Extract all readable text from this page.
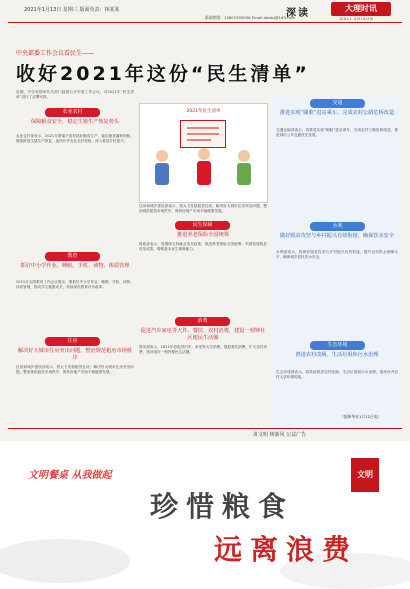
2021年1月13日 星期三 版面负责：林某某	深读	大理时讯
DALI SHIXUN
新闻热线：13807293056 Email:dlzxbj@163.com
中央部委工作会议看民生——
收好2021年这份“民生清单”
近期，中央和国家有关部门陆续召开年度工作会议，对2021年“民生清单”进行了部署安排。
农业农村
保障粮食安全，稳定生猪生产恢复势头
农业农村部表示，2021年要毫不放松抓好粮食生产，稳定粮食播种面积，继续推进生猪生产恢复，加快补齐农业农村短板，深入推进乡村振兴。
教育
抓好中小学作业、睡眠、手机、读物、体质管理
2021年全国教育工作会议提出，要抓好中小学作业、睡眠、手机、读物、体质管理，推动学生健康成长，持续深化教育评价改革。
住房
解决好大城市住房突出问题，整治规范租房市场秩序
住房和城乡建设部表示，将大力发展租赁住房，解决好大城市住房突出问题，整治规范租赁市场秩序，保持房地产市场平稳健康发展。
2021年民生清单
住房和城乡建设部表示，将大力发展租赁住房，解决好大城市住房突出问题，整治规范租赁市场秩序，保持房地产市场平稳健康发展。
民生保障
推进养老保险全国统筹
财政部表示，将继续支持就业优先政策，推进养老保险全国统筹，巩固拓展脱贫攻坚成果，增强基本民生保障能力。
消费
促进汽车家电等大件、餐饮、农村消费，建设一刻钟社区便民生活圈
商务部表示，2021年将促进汽车、家电等大宗消费，提振餐饮消费，扩大农村消费，建设城市一刻钟便民生活圈。
交通
推进实现“刷脸”进站乘车，完成农村公路危桥改造
交通运输部表示，将推进实现“刷脸”进站乘车，完成农村公路危桥改造，推进城市公共交通优先发展。
水利
做好脱贫攻坚与乡村振兴有效衔接，确保饮水安全
水利部表示，将做好脱贫攻坚与乡村振兴有效衔接，提升农村供水保障水平，确保城乡居民饮水安全。
生态环境
推进农村改厕、生活垃圾和污水治理
生态环境部表示，将持续推进农村改厕、生活垃圾和污水治理，加快补齐农村人居环境短板。
（据新华社1月12日电）
讲文明 树新风 公益广告
文明餐桌 从我做起	文明
珍惜粮食
远离浪费
